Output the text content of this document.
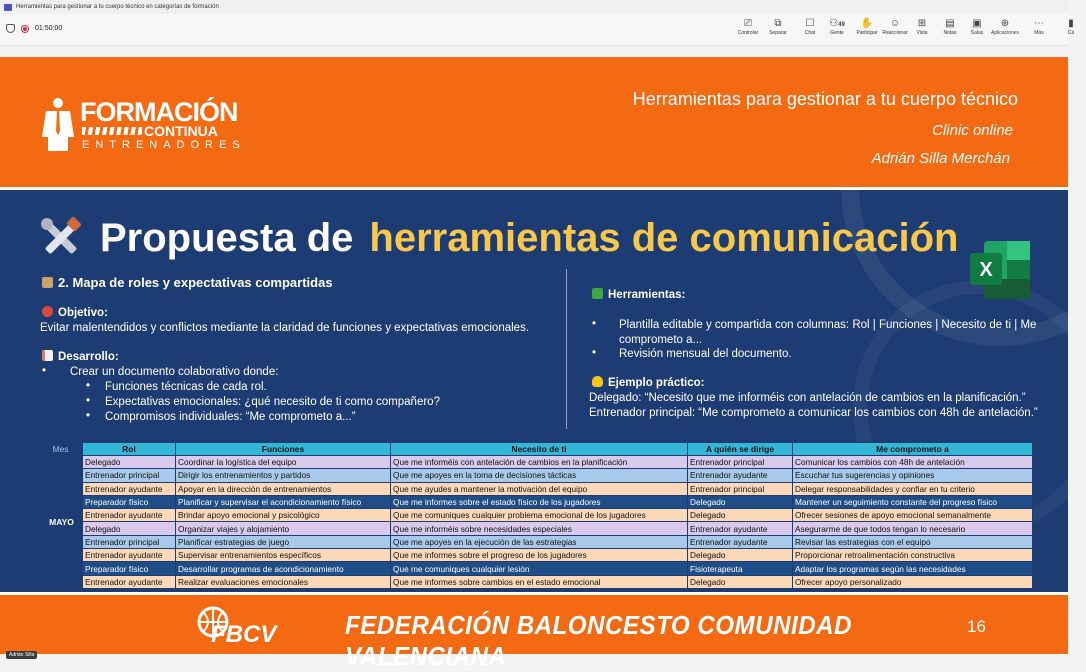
Herramientas para gestionar a tu cuerpo técnico en categorías de formación
01:50:00	⎚
Controlar
⧉
Separar
☐
Chat
⚇49
Gente
✋
Participar
☺
Reaccionar
⊞
Vista
▤
Notas
▣
Salas
⊕
Aplicaciones
⋯
Más
▮
Cá
FORMACIÓN
CONTINUA
ENTRENADORES
Herramientas para gestionar a tu cuerpo técnico
Clinic online
Adrián Silla Merchán
Propuesta de herramientas de comunicación
X
2. Mapa de roles y expectativas compartidas
Objetivo:
Evitar malentendidos y conflictos mediante la claridad de funciones y expectativas emocionales.
Desarrollo:
• Crear un documento colaborativo donde:
• Funciones técnicas de cada rol.
• Expectativas emocionales: ¿qué necesito de ti como compañero?
• Compromisos individuales: “Me comprometo a...”
Herramientas:
• Plantilla editable y compartida con columnas: Rol | Funciones | Necesito de ti | Me
comprometo a...
• Revisión mensual del documento.
Ejemplo práctico:
Delegado: “Necesito que me informéis con antelación de cambios en la planificación.”
Entrenador principal: “Me comprometo a comunicar los cambios con 48h de antelación.”
Mes	Rol	Funciones	Necesito de ti	A quién se dirige	Me comprometo a
MAYO	Delegado	Coordinar la logística del equipo	Que me informéis con antelación de cambios en la planificación	Entrenador principal	Comunicar los cambios con 48h de antelación
	Entrenador principal	Dirigir los entrenamientos y partidos	Que me apoyes en la toma de decisiones tácticas	Entrenador ayudante	Escuchar tus sugerencias y opiniones
	Entrenador ayudante	Apoyar en la dirección de entrenamientos	Que me ayudes a mantener la motivación del equipo	Entrenador principal	Delegar responsabilidades y confiar en tu criterio
	Preparador físico	Planificar y supervisar el acondicionamiento físico	Que me informes sobre el estado físico de los jugadores	Delegado	Mantener un seguimiento constante del progreso físico
	Entrenador ayudante	Brindar apoyo emocional y psicológico	Que me comuniques cualquier problema emocional de los jugadores	Delegado	Ofrecer sesiones de apoyo emocional semanalmente
	Delegado	Organizar viajes y alojamiento	Que me informéis sobre necesidades especiales	Entrenador ayudante	Asegurarme de que todos tengan lo necesario
	Entrenador principal	Planificar estrategias de juego	Que me apoyes en la ejecución de las estrategias	Entrenador ayudante	Revisar las estrategias con el equipo
	Entrenador ayudante	Supervisar entrenamientos específicos	Que me informes sobre el progreso de los jugadores	Delegado	Proporcionar retroalimentación constructiva
	Preparador físico	Desarrollar programas de acondicionamiento	Que me comuniques cualquier lesión	Fisioterapeuta	Adaptar los programas según las necesidades
	Entrenador ayudante	Realizar evaluaciones emocionales	Que me informes sobre cambios en el estado emocional	Delegado	Ofrecer apoyo personalizado
FBCV	FEDERACIÓN BALONCESTO COMUNIDAD VALENCIANA
16
Adrián Silla
